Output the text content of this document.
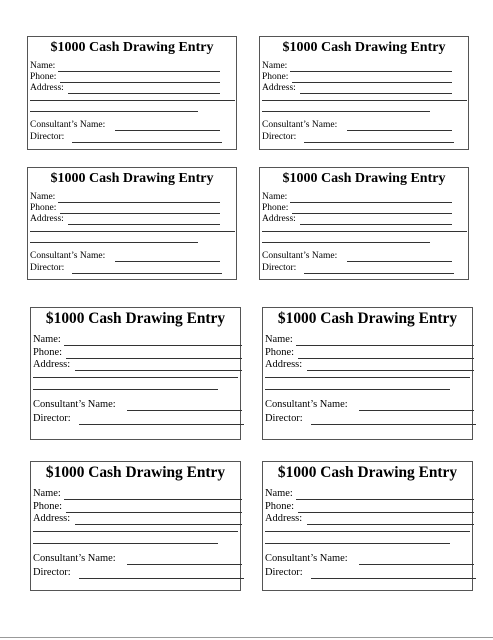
$1000 Cash Drawing Entry
Name:
Phone:
Address:
Consultant’s Name:
Director:
$1000 Cash Drawing Entry
Name:
Phone:
Address:
Consultant’s Name:
Director:
$1000 Cash Drawing Entry
Name:
Phone:
Address:
Consultant’s Name:
Director:
$1000 Cash Drawing Entry
Name:
Phone:
Address:
Consultant’s Name:
Director:
$1000 Cash Drawing Entry
Name:
Phone:
Address:
Consultant’s Name:
Director:
$1000 Cash Drawing Entry
Name:
Phone:
Address:
Consultant’s Name:
Director:
$1000 Cash Drawing Entry
Name:
Phone:
Address:
Consultant’s Name:
Director:
$1000 Cash Drawing Entry
Name:
Phone:
Address:
Consultant’s Name:
Director:
